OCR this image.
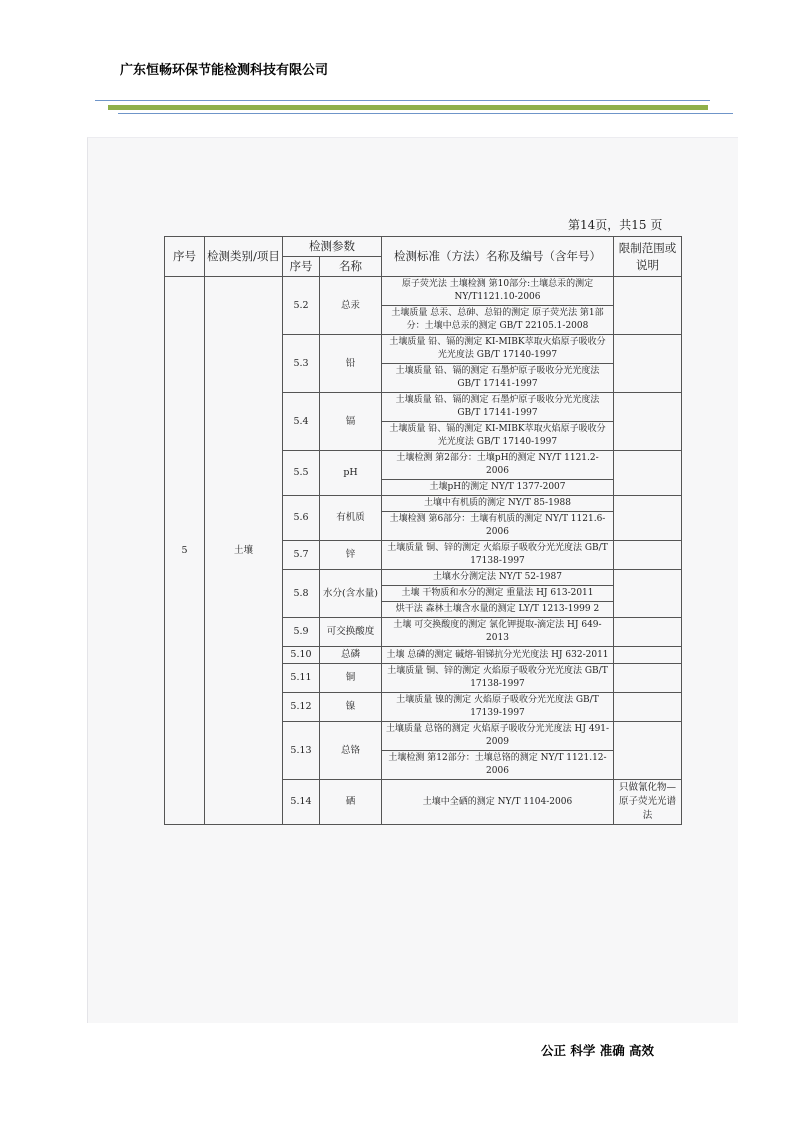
广东恒畅环保节能检测科技有限公司
第14页，共15 页
序号	检测类别/项目	检测参数		检测标准（方法）名称及编号（含年号）	限制范围或说明
		序号	名称		
5	土壤	5.2	总汞	原子荧光法 土壤检测 第10部分:土壤总汞的测定 NY/T1121.10-2006	
				土壤质量 总汞、总砷、总铅的测定 原子荧光法 第1部分：土壤中总汞的测定 GB/T 22105.1-2008	
		5.3	铅	土壤质量 铅、镉的测定 KI-MIBK萃取火焰原子吸收分光光度法 GB/T 17140-1997	
				土壤质量 铅、镉的测定 石墨炉原子吸收分光光度法 GB/T 17141-1997	
		5.4	镉	土壤质量 铅、镉的测定 石墨炉原子吸收分光光度法 GB/T 17141-1997	
				土壤质量 铅、镉的测定 KI-MIBK萃取火焰原子吸收分光光度法 GB/T 17140-1997	
		5.5	pH	土壤检测 第2部分：土壤pH的测定 NY/T 1121.2-2006	
				土壤pH的测定 NY/T 1377-2007	
		5.6	有机质	土壤中有机质的测定 NY/T 85-1988	
				土壤检测 第6部分：土壤有机质的测定 NY/T 1121.6-2006	
		5.7	锌	土壤质量 铜、锌的测定 火焰原子吸收分光光度法 GB/T 17138-1997	
		5.8	水分(含水量)	土壤水分测定法 NY/T 52-1987	
				土壤 干物质和水分的测定 重量法 HJ 613-2011	
				烘干法 森林土壤含水量的测定 LY/T 1213-1999 2	
		5.9	可交换酸度	土壤 可交换酸度的测定 氯化钾提取-滴定法 HJ 649-2013	
		5.10	总磷	土壤 总磷的测定 碱熔-钼锑抗分光光度法 HJ 632-2011	
		5.11	铜	土壤质量 铜、锌的测定 火焰原子吸收分光光度法 GB/T 17138-1997	
		5.12	镍	土壤质量 镍的测定 火焰原子吸收分光光度法 GB/T 17139-1997	
		5.13	总铬	土壤质量 总铬的测定 火焰原子吸收分光光度法 HJ 491-2009	
				土壤检测 第12部分：土壤总铬的测定 NY/T 1121.12-2006	
		5.14	硒	土壤中全硒的测定 NY/T 1104-2006	只做氰化物—原子荧光光谱法
公正 科学 准确 高效
